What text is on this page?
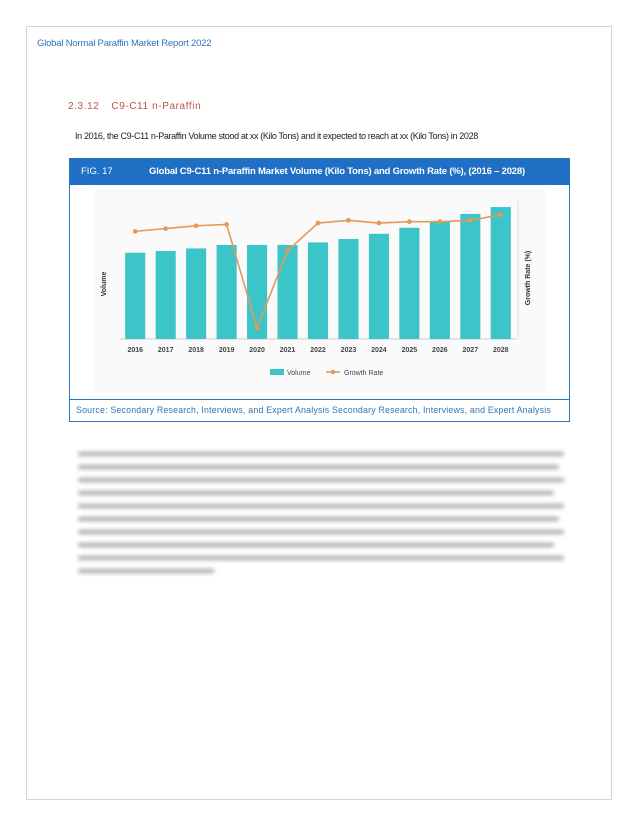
Global Normal Paraffin Market Report 2022
2.3.12 C9-C11 n-Paraffin
In 2016, the C9-C11 n-Paraffin Volume stood at xx (Kilo Tons) and it expected to reach at xx (Kilo Tons) in 2028
FIG. 17	Global C9-C11 n-Paraffin Market Volume (Kilo Tons) and Growth Rate (%), (2016 – 2028)
2016 2017 2018 2019 2020 2021 2022 2023 2024 2025 2026 2027 2028
Volume	Growth Rate (%)
Volume	Growth Rate
Source: Secondary Research, Interviews, and Expert Analysis Secondary Research, Interviews, and Expert Analysis
